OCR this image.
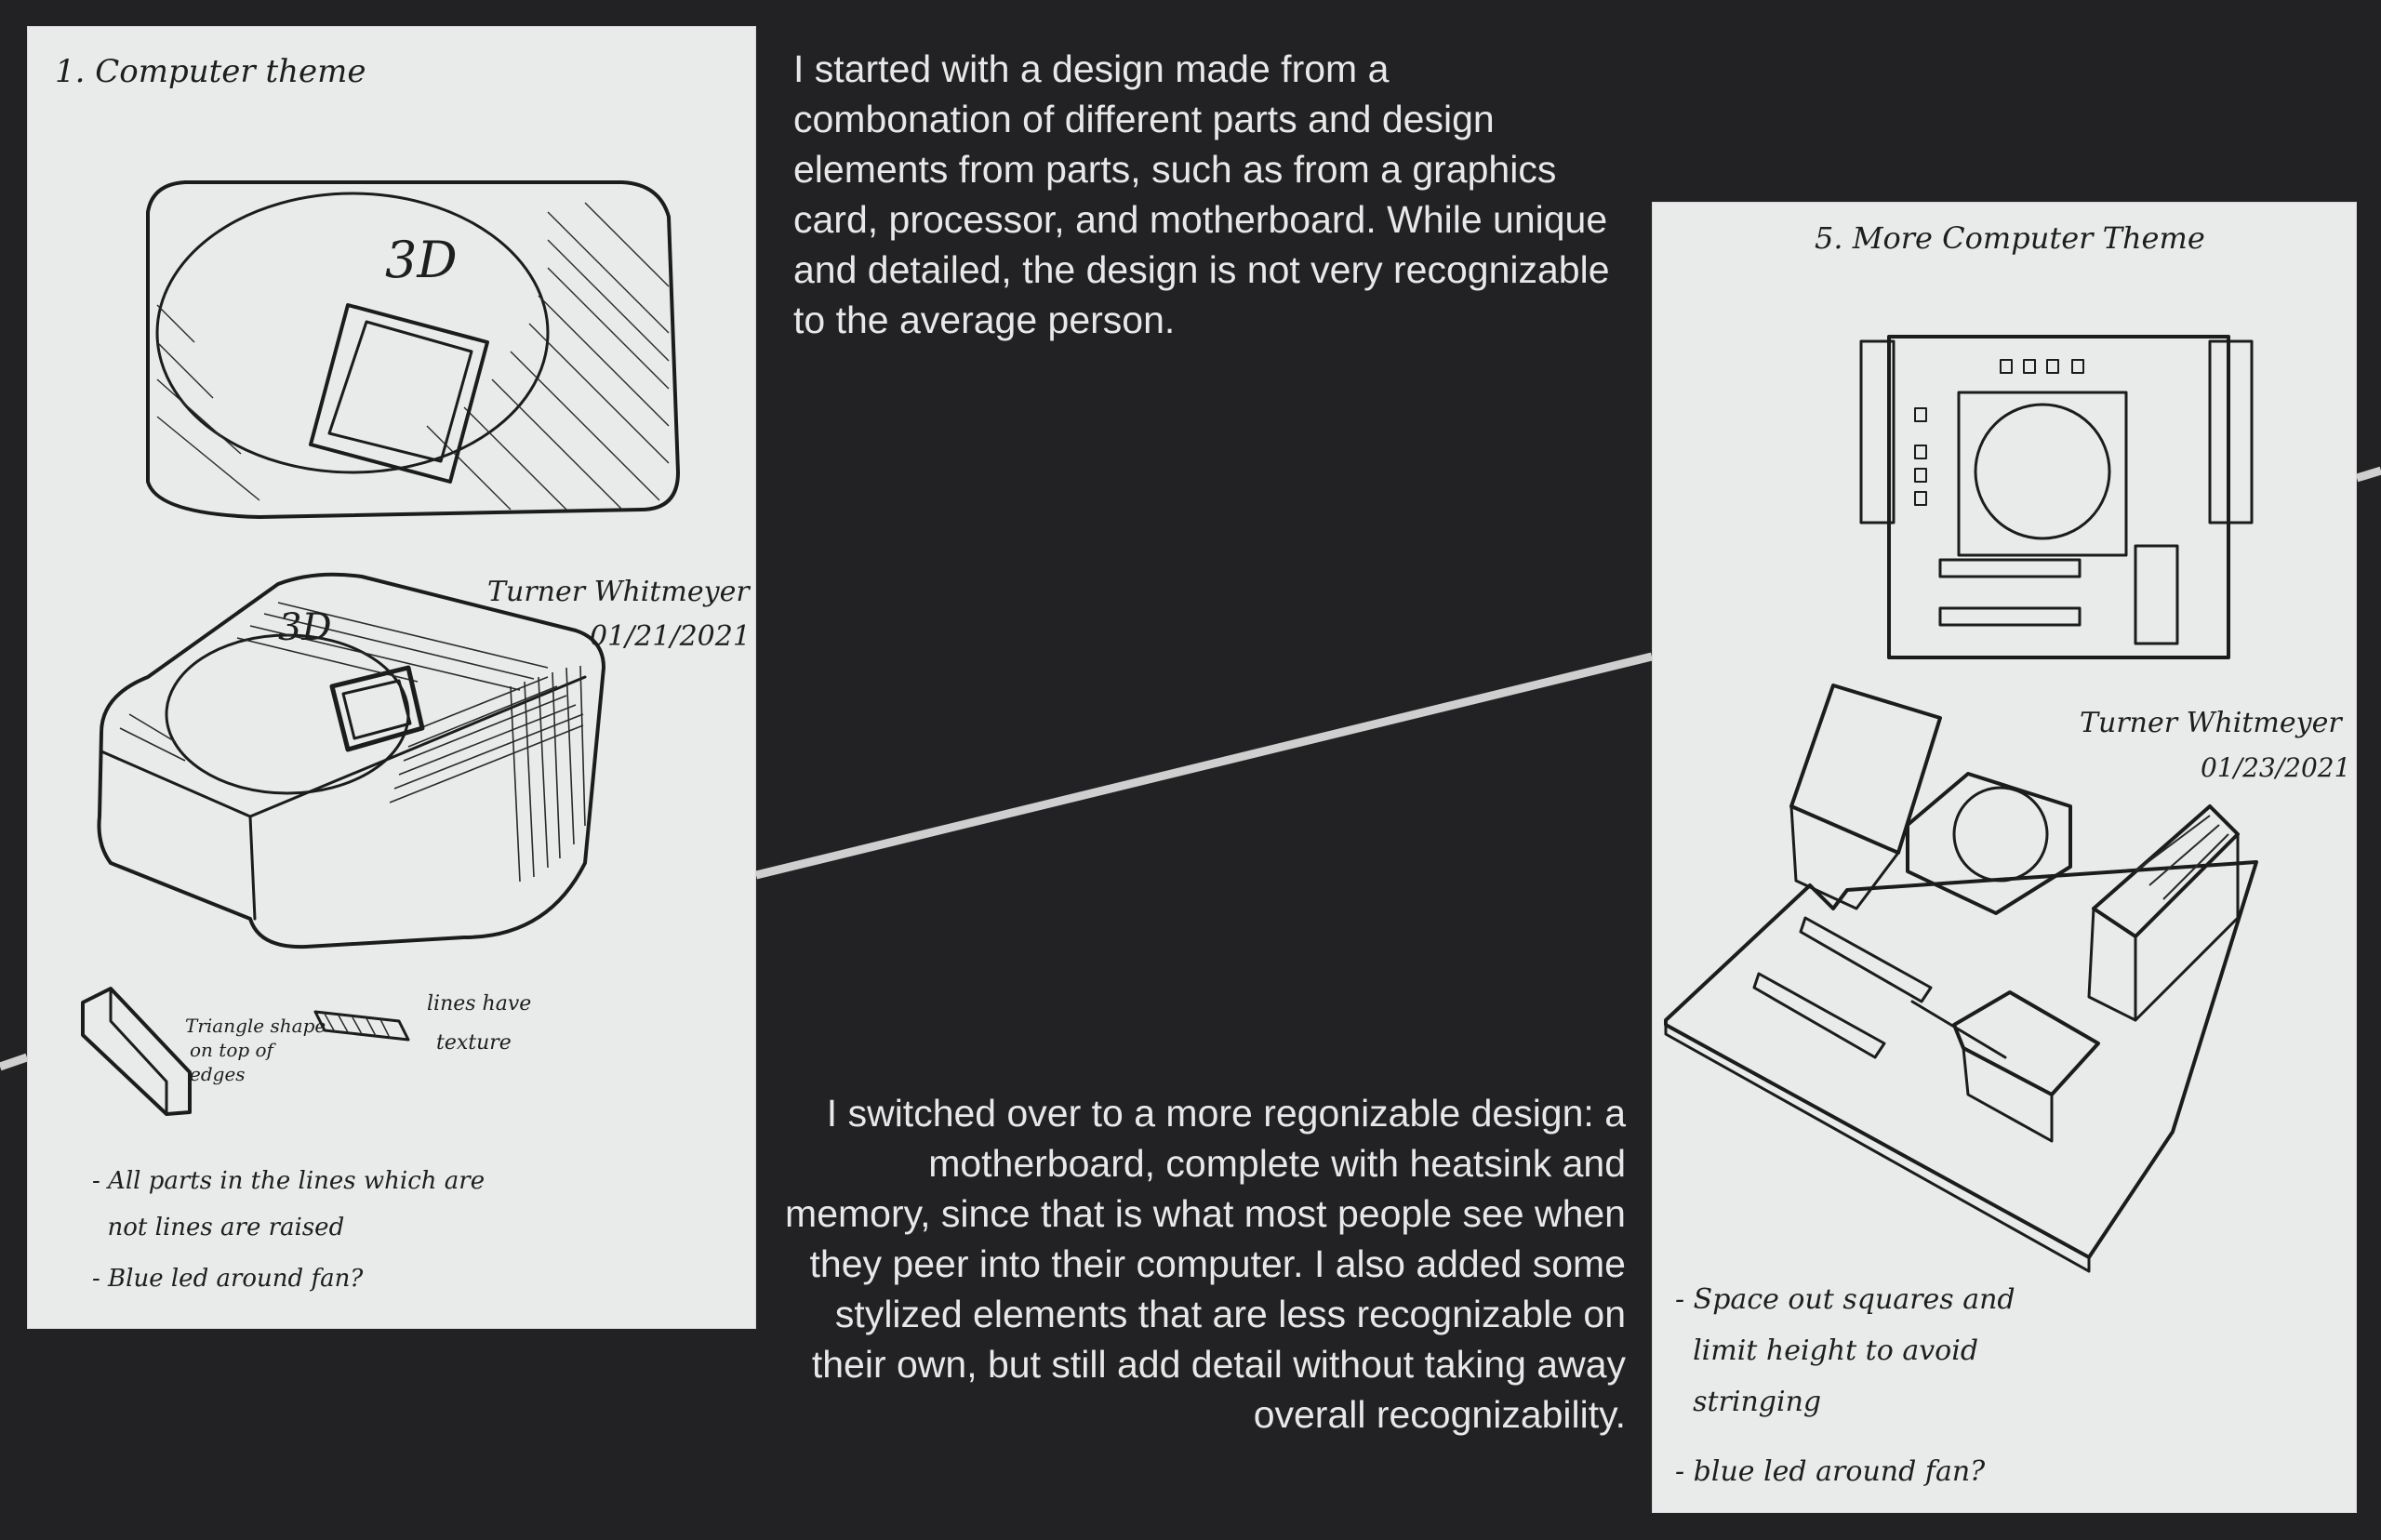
1. Computer theme
3D
Turner Whitmeyer
01/21/2021
3D
Triangle shape
on top of
edges
lines have
texture
- All parts in the lines which are
not lines are raised
- Blue led around fan?
5. More Computer Theme
Turner Whitmeyer
01/23/2021
- Space out squares and
limit height to avoid
stringing
- blue led around fan?
I started with a design made from a combonation of different parts and design elements from parts, such as from a graphics card, processor, and motherboard. While unique and detailed, the design is not very recognizable to the average person.
I switched over to a more regonizable design: a motherboard, complete with heatsink and memory, since that is what most people see when they peer into their computer. I also added some stylized elements that are less recognizable on their own, but still add detail without taking away overall recognizability.
